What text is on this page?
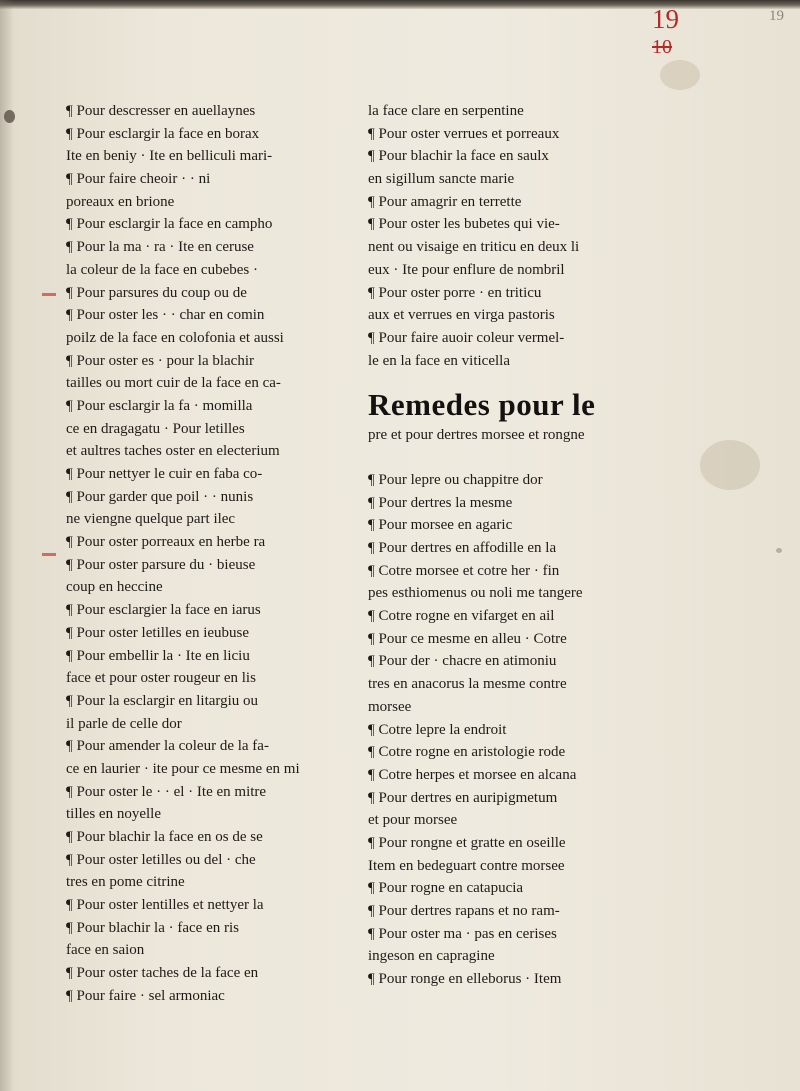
19
10
19
¶ Pour descresser en auellaynes
¶ Pour esclargir la face en borax
Ite en beniy · Ite en belliculi mari-
¶ Pour faire cheoir · · ni
poreaux en brione
¶ Pour esclargir la face en campho
¶ Pour la ma · ra · Ite en ceruse
la coleur de la face en cubebes ·
¶ Pour parsures du coup ou de
¶ Pour oster les · · char en comin
poilz de la face en colofonia et aussi
¶ Pour oster es · pour la blachir
tailles ou mort cuir de la face en ca-
¶ Pour esclargir la fa · momilla
ce en dragagatu · Pour letilles
et aultres taches oster en electerium
¶ Pour nettyer le cuir en faba co-
¶ Pour garder que poil · · nunis
ne viengne quelque part ilec
¶ Pour oster porreaux en herbe ra
¶ Pour oster parsure du · bieuse
coup en heccine
¶ Pour esclargier la face en iarus
¶ Pour oster letilles en ieubuse
¶ Pour embellir la · Ite en liciu
face et pour oster rougeur en lis
¶ Pour la esclargir en litargiu ou
il parle de celle dor
¶ Pour amender la coleur de la fa-
ce en laurier · ite pour ce mesme en mi
¶ Pour oster le · · el · Ite en mitre
tilles en noyelle
¶ Pour blachir la face en os de se
¶ Pour oster letilles ou del · che
tres en pome citrine
¶ Pour oster lentilles et nettyer la
¶ Pour blachir la · face en ris
face en saion
¶ Pour oster taches de la face en
¶ Pour faire · sel armoniac
la face clare en serpentine
¶ Pour oster verrues et porreaux
¶ Pour blachir la face en saulx
en sigillum sancte marie
¶ Pour amagrir en terrette
¶ Pour oster les bubetes qui vie-
nent ou visaige en triticu en deux li
eux · Ite pour enflure de nombril
¶ Pour oster porre · en triticu
aux et verrues en virga pastoris
¶ Pour faire auoir coleur vermel-
le en la face en viticella
Remedes pour le
pre et pour dertres morsee et rongne
¶ Pour lepre ou chappitre dor
¶ Pour dertres la mesme
¶ Pour morsee en agaric
¶ Pour dertres en affodille en la
¶ Cotre morsee et cotre her · fin
pes esthiomenus ou noli me tangere
¶ Cotre rogne en vifarget en ail
¶ Pour ce mesme en alleu · Cotre
¶ Pour der · chacre en atimoniu
tres en anacorus la mesme contre
morsee
¶ Cotre lepre la endroit
¶ Cotre rogne en aristologie rode
¶ Cotre herpes et morsee en alcana
¶ Pour dertres en auripigmetum
et pour morsee
¶ Pour rongne et gratte en oseille
Item en bedeguart contre morsee
¶ Pour rogne en catapucia
¶ Pour dertres rapans et no ram-
¶ Pour oster ma · pas en cerises
ingeson en capragine
¶ Pour ronge en elleborus · Item
